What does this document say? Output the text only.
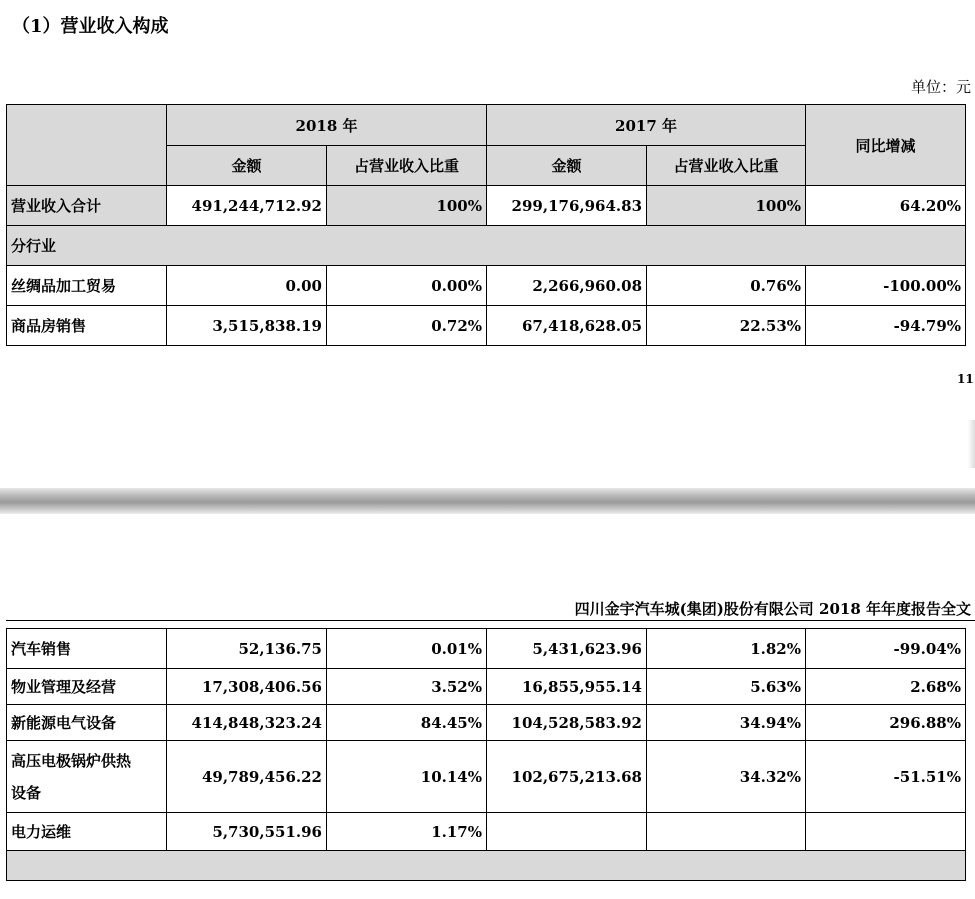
（1）营业收入构成
单位：元
	2018 年		2017 年		同比增减
	金额	占营业收入比重	金额	占营业收入比重	
营业收入合计	491,244,712.92	100%	299,176,964.83	100%	64.20%
分行业					
丝绸品加工贸易	0.00	0.00%	2,266,960.08	0.76%	-100.00%
商品房销售	3,515,838.19	0.72%	67,418,628.05	22.53%	-94.79%
11
四川金宇汽车城(集团)股份有限公司 2018 年年度报告全文
汽车销售	52,136.75	0.01%	5,431,623.96	1.82%	-99.04%
物业管理及经营	17,308,406.56	3.52%	16,855,955.14	5.63%	2.68%
新能源电气设备	414,848,323.24	84.45%	104,528,583.92	34.94%	296.88%

高压电极锅炉供热
设备	49,789,456.22	10.14%	102,675,213.68	34.32%	-51.51%
电力运维	5,730,551.96	1.17%			
